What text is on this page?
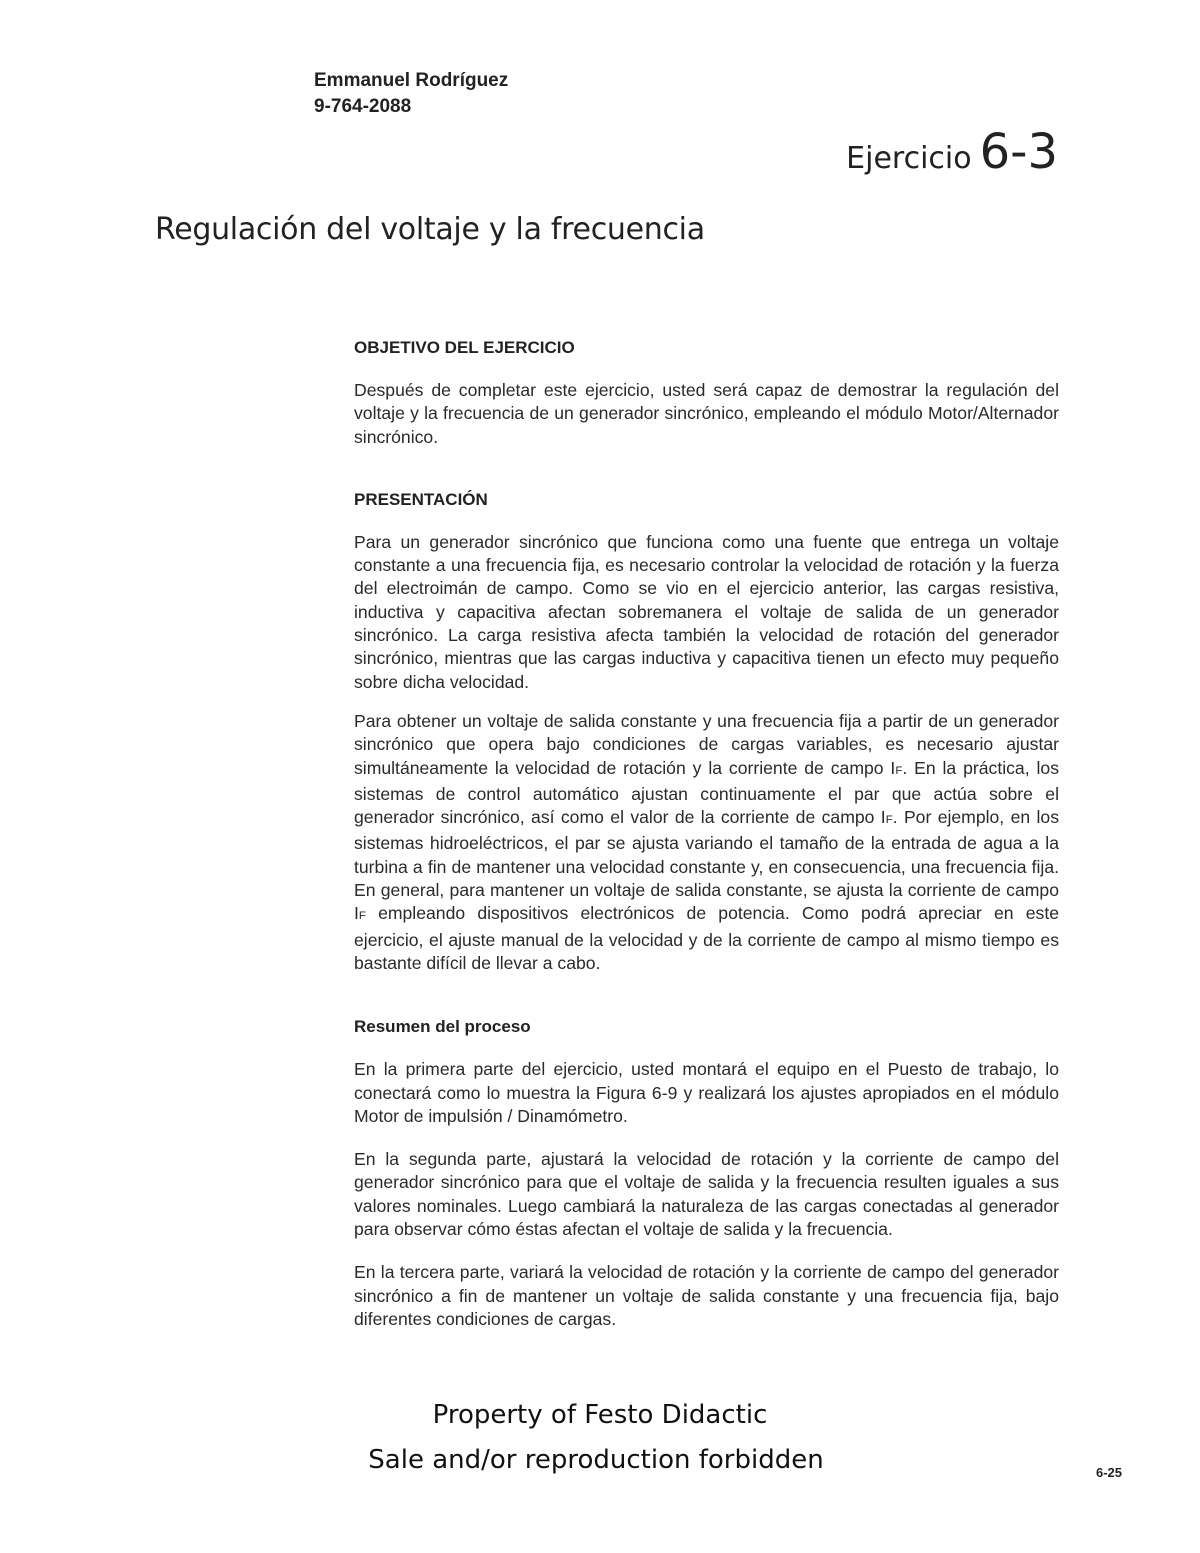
Emmanuel Rodríguez
9-764-2088
Ejercicio 6-3
Regulación del voltaje y la frecuencia

OBJETIVO DEL EJERCICIO

Después de completar este ejercicio, usted será capaz de demostrar la regulación del voltaje y la frecuencia de un generador sincrónico, empleando el módulo Motor/Alternador sincrónico.

PRESENTACIÓN

Para un generador sincrónico que funciona como una fuente que entrega un voltaje constante a una frecuencia fija, es necesario controlar la velocidad de rotación y la fuerza del electroimán de campo. Como se vio en el ejercicio anterior, las cargas resistiva, inductiva y capacitiva afectan sobremanera el voltaje de salida de un generador sincrónico. La carga resistiva afecta también la velocidad de rotación del generador sincrónico, mientras que las cargas inductiva y capacitiva tienen un efecto muy pequeño sobre dicha velocidad.

Para obtener un voltaje de salida constante y una frecuencia fija a partir de un generador sincrónico que opera bajo condiciones de cargas variables, es necesario ajustar simultáneamente la velocidad de rotación y la corriente de campo IF. En la práctica, los sistemas de control automático ajustan continuamente el par que actúa sobre el generador sincrónico, así como el valor de la corriente de campo IF. Por ejemplo, en los sistemas hidroeléctricos, el par se ajusta variando el tamaño de la entrada de agua a la turbina a fin de mantener una velocidad constante y, en consecuencia, una frecuencia fija. En general, para mantener un voltaje de salida constante, se ajusta la corriente de campo IF empleando dispositivos electrónicos de potencia. Como podrá apreciar en este ejercicio, el ajuste manual de la velocidad y de la corriente de campo al mismo tiempo es bastante difícil de llevar a cabo.

Resumen del proceso

En la primera parte del ejercicio, usted montará el equipo en el Puesto de trabajo, lo conectará como lo muestra la Figura 6-9 y realizará los ajustes apropiados en el módulo Motor de impulsión / Dinamómetro.

En la segunda parte, ajustará la velocidad de rotación y la corriente de campo del generador sincrónico para que el voltaje de salida y la frecuencia resulten iguales a sus valores nominales. Luego cambiará la naturaleza de las cargas conectadas al generador para observar cómo éstas afectan el voltaje de salida y la frecuencia.

En la tercera parte, variará la velocidad de rotación y la corriente de campo del generador sincrónico a fin de mantener un voltaje de salida constante y una frecuencia fija, bajo diferentes condiciones de cargas.

Property of Festo Didactic
Sale and/or reproduction forbidden	6-25
